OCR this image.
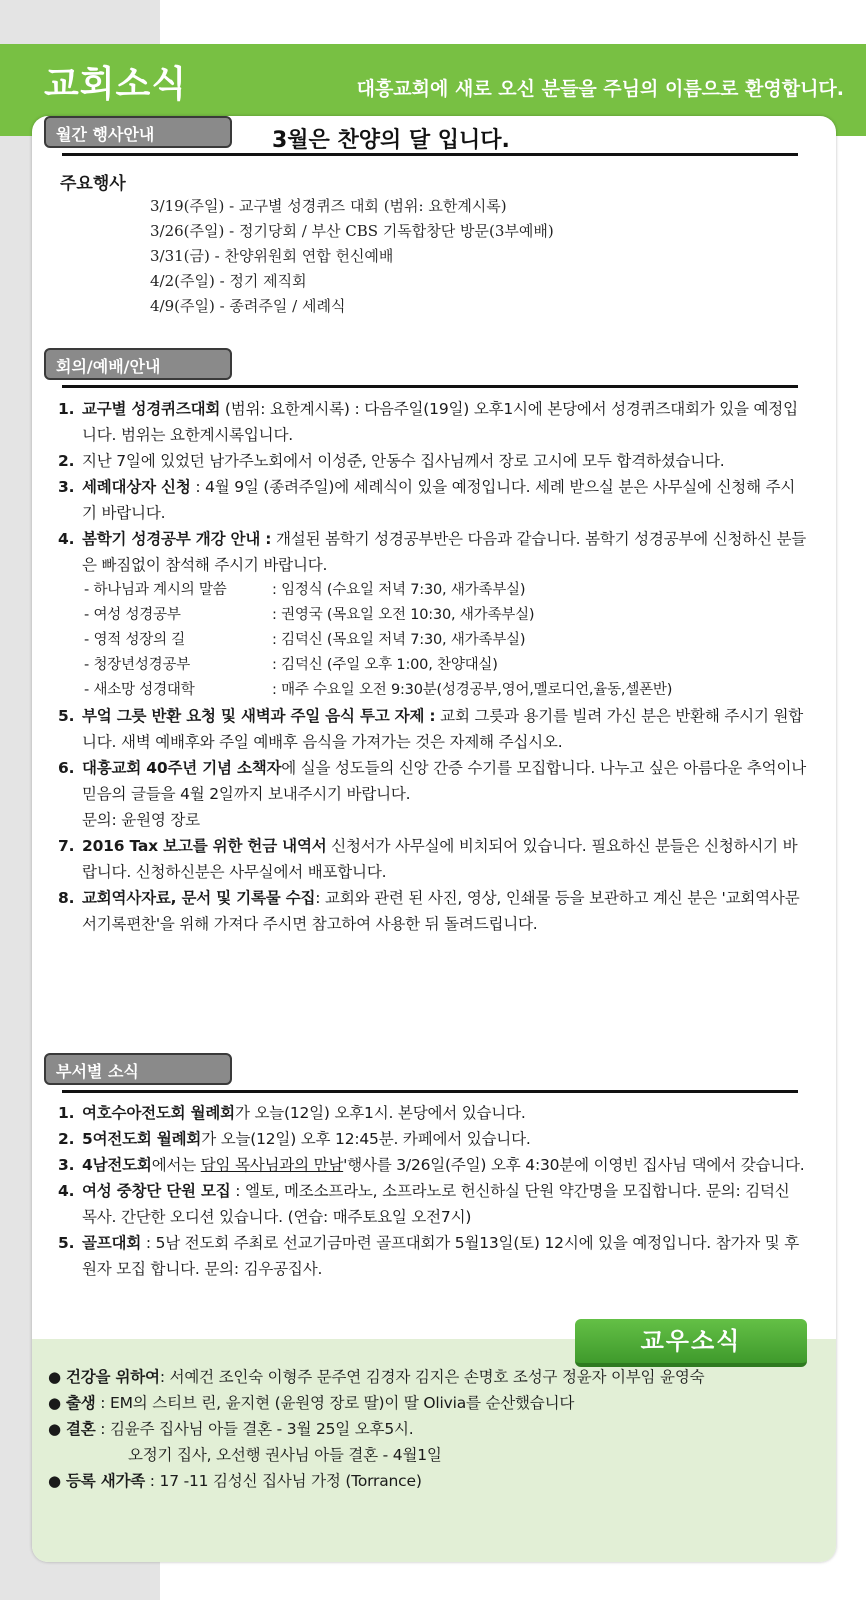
교회소식	대흥교회에 새로 오신 분들을 주님의 이름으로 환영합니다.
월간 행사안내	3월은 찬양의 달 입니다.
주요행사
3/19(주일) - 교구별 성경퀴즈 대회 (범위: 요한계시록)
3/26(주일) - 정기당회 / 부산 CBS 기독합창단 방문(3부예배)
3/31(금) - 찬양위원회 연합 헌신예배
4/2(주일) - 정기 제직회
4/9(주일) - 종려주일 / 세례식
회의/예배/안내
1. 교구별 성경퀴즈대회 (범위: 요한계시록) : 다음주일(19일) 오후1시에 본당에서 성경퀴즈대회가 있을 예정입니다. 범위는 요한계시록입니다.
2. 지난 7일에 있었던 남가주노회에서 이성준, 안동수 집사님께서 장로 고시에 모두 합격하셨습니다.
3. 세례대상자 신청 : 4월 9일 (종려주일)에 세례식이 있을 예정입니다. 세례 받으실 분은 사무실에 신청해 주시기 바랍니다.
4. 봄학기 성경공부 개강 안내 : 개설된 봄학기 성경공부반은 다음과 같습니다. 봄학기 성경공부에 신청하신 분들은 빠짐없이 참석해 주시기 바랍니다.
- 하나님과 계시의 말씀	: 임정식 (수요일 저녁 7:30, 새가족부실)
- 여성 성경공부	: 권영국 (목요일 오전 10:30, 새가족부실)
- 영적 성장의 길	: 김덕신 (목요일 저녁 7:30, 새가족부실)
- 청장년성경공부	: 김덕신 (주일 오후 1:00, 찬양대실)
- 새소망 성경대학	: 매주 수요일 오전 9:30분(성경공부,영어,멜로디언,율동,셀폰반)
5. 부엌 그릇 반환 요청 및 새벽과 주일 음식 투고 자제 : 교회 그릇과 용기를 빌려 가신 분은 반환해 주시기 원합니다. 새벽 예배후와 주일 예배후 음식을 가져가는 것은 자제해 주십시오.
6. 대흥교회 40주년 기념 소책자에 실을 성도들의 신앙 간증 수기를 모집합니다. 나누고 싶은 아름다운 추억이나 믿음의 글들을 4월 2일까지 보내주시기 바랍니다.
문의: 윤원영 장로
7. 2016 Tax 보고를 위한 헌금 내역서 신청서가 사무실에 비치되어 있습니다. 필요하신 분들은 신청하시기 바랍니다. 신청하신분은 사무실에서 배포합니다.
8. 교회역사자료, 문서 및 기록물 수집: 교회와 관련 된 사진, 영상, 인쇄물 등을 보관하고 계신 분은 '교회역사문서기록편찬'을 위해 가져다 주시면 참고하여 사용한 뒤 돌려드립니다.
부서별 소식
1. 여호수아전도회 월례회가 오늘(12일) 오후1시. 본당에서 있습니다.
2. 5여전도회 월례회가 오늘(12일) 오후 12:45분. 카페에서 있습니다.
3. 4남전도회에서는 담임 목사님과의 만남'행사를 3/26일(주일) 오후 4:30분에 이영빈 집사님 댁에서 갖습니다.
4. 여성 중창단 단원 모집 : 엘토, 메조소프라노, 소프라노로 헌신하실 단원 약간명을 모집합니다. 문의: 김덕신 목사. 간단한 오디션 있습니다. (연습: 매주토요일 오전7시)
5. 골프대회 : 5남 전도회 주최로 선교기금마련 골프대회가 5월13일(토) 12시에 있을 예정입니다. 참가자 및 후원자 모집 합니다. 문의: 김우공집사.
교우소식
● 건강을 위하여: 서예건 조인숙 이형주 문주연 김경자 김지은 손명호 조성구 정윤자 이부임 윤영숙
● 출생 : EM의 스티브 린, 윤지현 (윤원영 장로 딸)이 딸 Olivia를 순산했습니다
● 결혼 : 김윤주 집사님 아들 결혼 - 3월 25일 오후5시.
오정기 집사, 오선행 권사님 아들 결혼 - 4월1일
● 등록 새가족 : 17 -11 김성신 집사님 가정 (Torrance)
